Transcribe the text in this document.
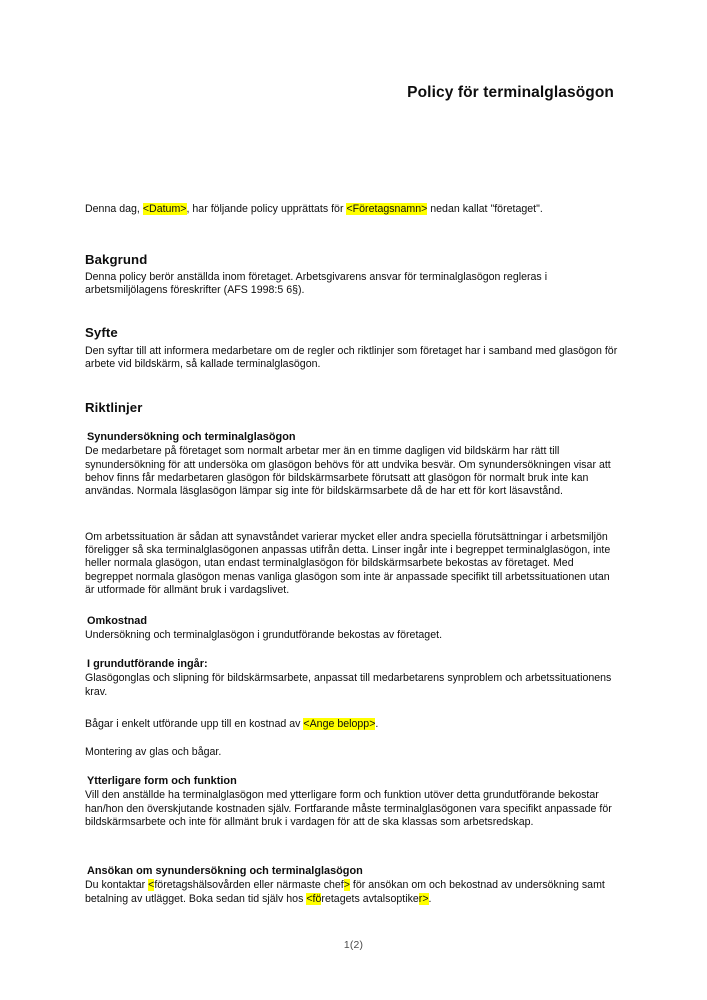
Policy för terminalglasögon

Denna dag, <Datum>, har följande policy upprättats för <Företagsnamn> nedan kallat "företaget".

Bakgrund

Denna policy berör anställda inom företaget. Arbetsgivarens ansvar för terminalglasögon regleras i arbetsmiljölagens föreskrifter (AFS 1998:5 6§).

Syfte

Den syftar till att informera medarbetare om de regler och riktlinjer som företaget har i samband med glasögon för arbete vid bildskärm, så kallade terminalglasögon.

Riktlinjer
Synundersökning och terminalglasögon

De medarbetare på företaget som normalt arbetar mer än en timme dagligen vid bildskärm har rätt till synundersökning för att undersöka om glasögon behövs för att undvika besvär. Om synundersökningen visar att behov finns får medarbetaren glasögon för bildskärmsarbete förutsatt att glasögon för normalt bruk inte kan användas. Normala läsglasögon lämpar sig inte för bildskärmsarbete då de har ett för kort läsavstånd.

Om arbetssituation är sådan att synavståndet varierar mycket eller andra speciella förutsättningar i arbetsmiljön föreligger så ska terminalglasögonen anpassas utifrån detta. Linser ingår inte i begreppet terminalglasögon, inte heller normala glasögon, utan endast terminalglasögon för bildskärmsarbete bekostas av företaget. Med begreppet normala glasögon menas vanliga glasögon som inte är anpassade specifikt till arbetssituationen utan är utformade för allmänt bruk i vardagslivet.

Omkostnad

Undersökning och terminalglasögon i grundutförande bekostas av företaget.

I grundutförande ingår:

Glasögonglas och slipning för bildskärmsarbete, anpassat till medarbetarens synproblem och arbetssituationens krav.

Bågar i enkelt utförande upp till en kostnad av <Ange belopp>.

Montering av glas och bågar.

Ytterligare form och funktion

Vill den anställde ha terminalglasögon med ytterligare form och funktion utöver detta grundutförande bekostar han/hon den överskjutande kostnaden själv. Fortfarande måste terminalglasögonen vara specifikt anpassade för bildskärmsarbete och inte för allmänt bruk i vardagen för att de ska klassas som arbetsredskap.

Ansökan om synundersökning och terminalglasögon

Du kontaktar <företagshälsovården eller närmaste chef> för ansökan om och bekostnad av undersökning samt betalning av utlägget. Boka sedan tid själv hos <företagets avtalsoptiker>.

1(2)
